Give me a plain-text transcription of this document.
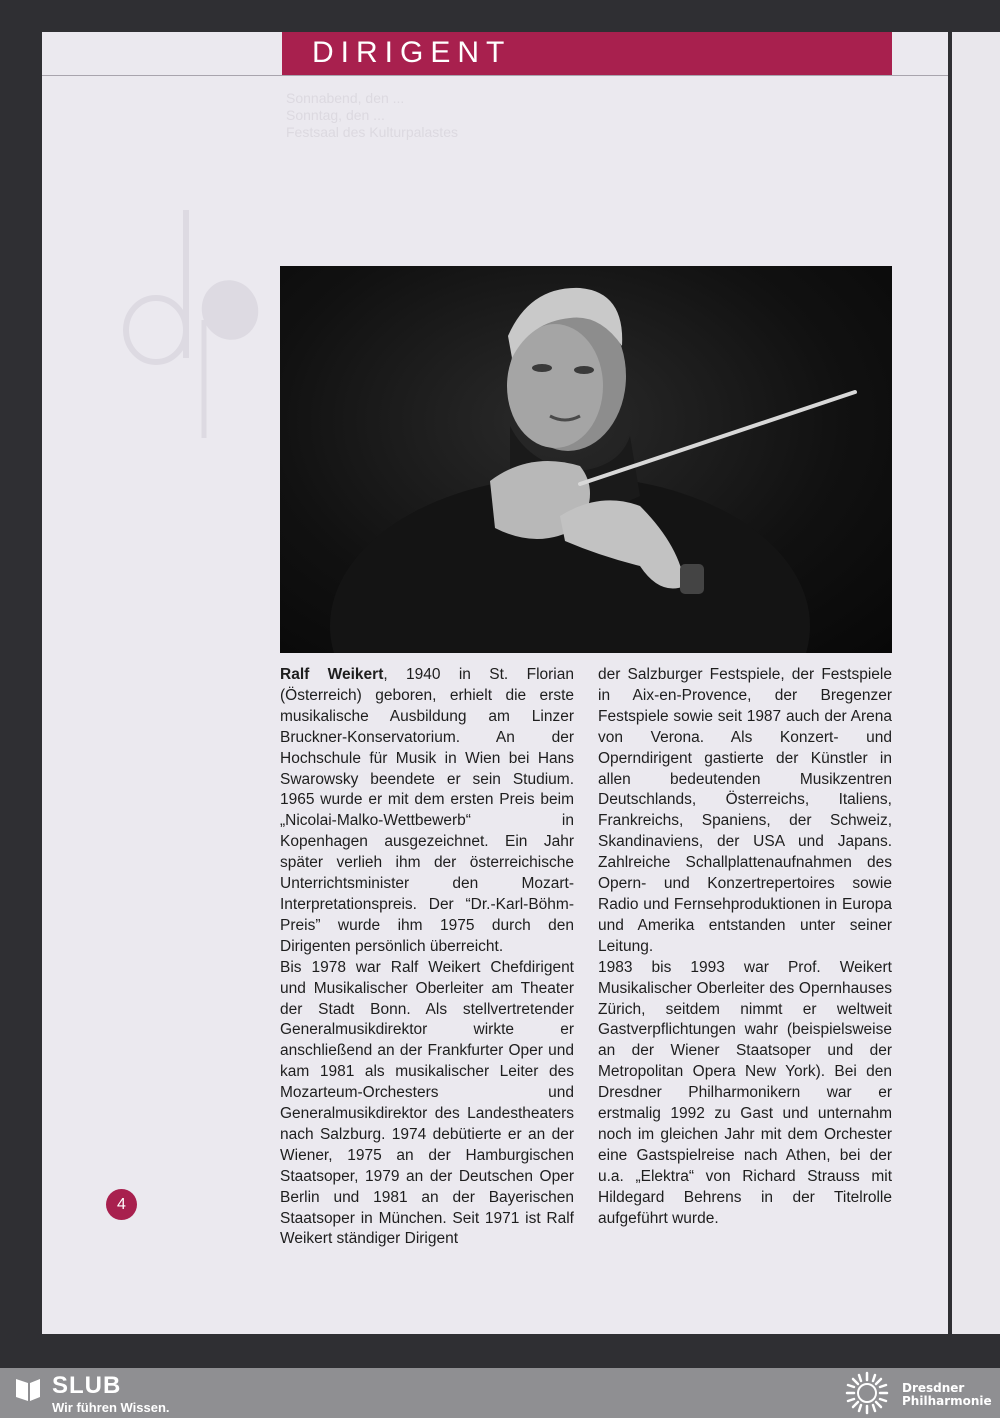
DIRIGENT
Sonnabend, den ...
Sonntag, den ...
Festsaal des Kulturpalastes

Ralf Weikert, 1940 in St. Florian (Österreich) geboren, erhielt die erste musikalische Ausbildung am Linzer Bruckner-Konservatorium. An der Hochschule für Musik in Wien bei Hans Swarowsky beendete er sein Studium. 1965 wurde er mit dem ersten Preis beim „Nicolai-Malko-Wettbewerb“ in Kopenhagen ausgezeichnet. Ein Jahr später verlieh ihm der österreichische Unterrichtsminister den Mozart-Interpretationspreis. Der “Dr.-Karl-Böhm-Preis” wurde ihm 1975 durch den Dirigenten persönlich überreicht.

Bis 1978 war Ralf Weikert Chefdirigent und Musikalischer Oberleiter am Theater der Stadt Bonn. Als stellvertretender Generalmusikdirektor wirkte er anschließend an der Frankfurter Oper und kam 1981 als musikalischer Leiter des Mozarteum-Orchesters und Generalmusikdirektor des Landestheaters nach Salzburg. 1974 debütierte er an der Wiener, 1975 an der Hamburgischen Staatsoper, 1979 an der Deutschen Oper Berlin und 1981 an der Bayerischen Staatsoper in München. Seit 1971 ist Ralf Weikert ständiger Dirigent

der Salzburger Festspiele, der Festspiele in Aix-en-Provence, der Bregenzer Festspiele sowie seit 1987 auch der Arena von Verona. Als Konzert- und Operndirigent gastierte der Künstler in allen bedeutenden Musikzentren Deutschlands, Österreichs, Italiens, Frankreichs, Spaniens, der Schweiz, Skandinaviens, der USA und Japans. Zahlreiche Schallplattenaufnahmen des Opern- und Konzertrepertoires sowie Radio und Fernsehproduktionen in Europa und Amerika entstanden unter seiner Leitung.

1983 bis 1993 war Prof. Weikert Musikalischer Oberleiter des Opernhauses Zürich, seitdem nimmt er weltweit Gastverpflichtungen wahr (beispielsweise an der Wiener Staatsoper und der Metropolitan Opera New York). Bei den Dresdner Philharmonikern war er erstmalig 1992 zu Gast und unternahm noch im gleichen Jahr mit dem Orchester eine Gastspielreise nach Athen, bei der u.a. „Elektra“ von Richard Strauss mit Hildegard Behrens in der Titelrolle aufgeführt wurde.

4
SLUB
Wir führen Wissen.
Dresdner
Philharmonie
